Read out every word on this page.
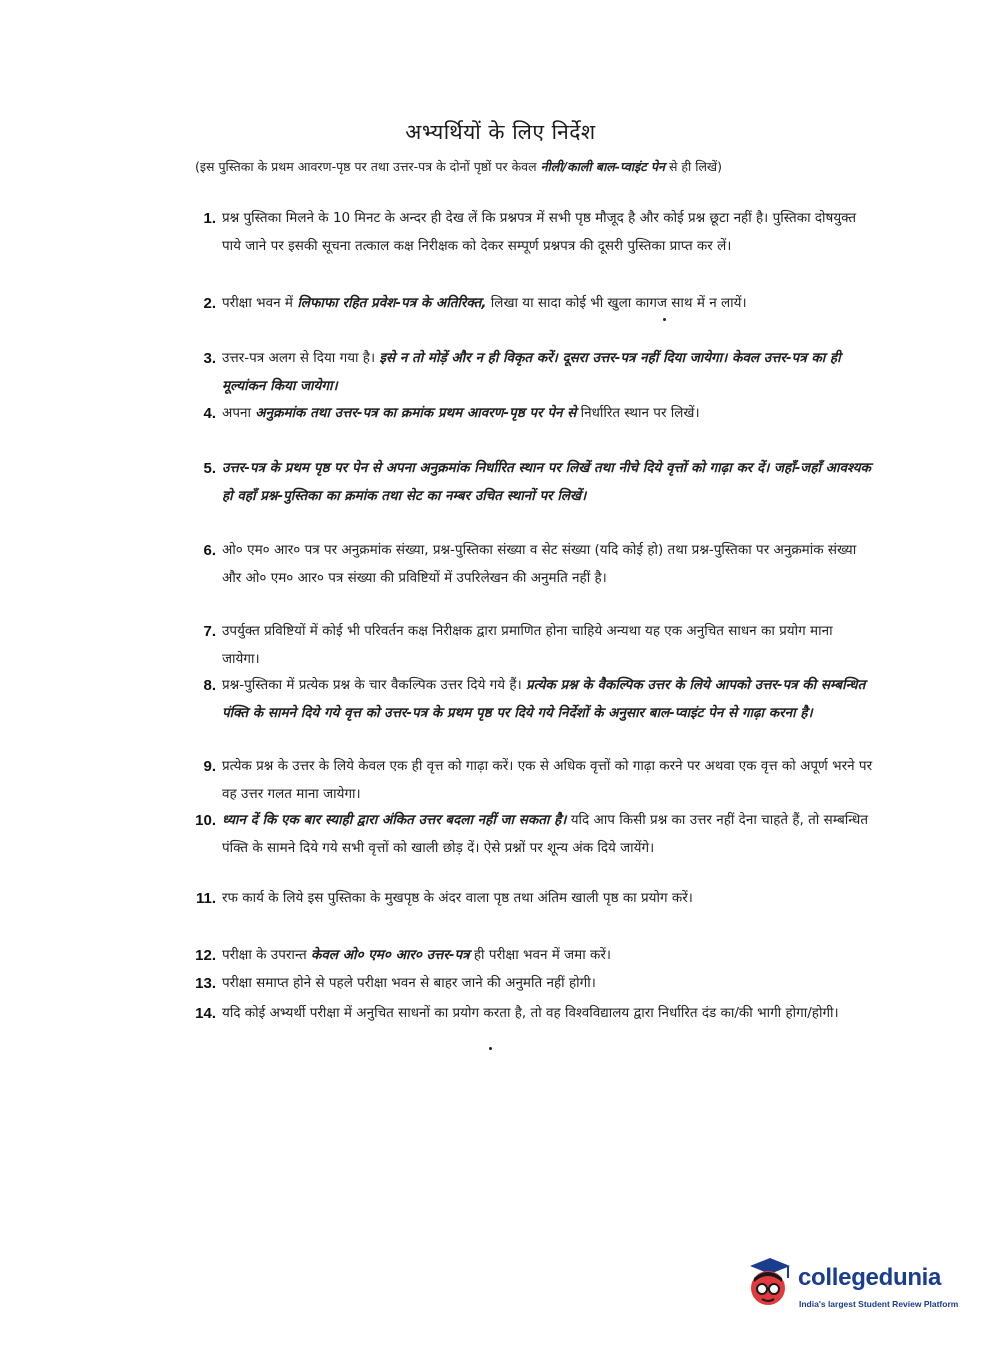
अभ्यर्थियों के लिए निर्देश
(इस पुस्तिका के प्रथम आवरण-पृष्ठ पर तथा उत्तर-पत्र के दोनों पृष्ठों पर केवल नीली/काली बाल-प्वाइंट पेन से ही लिखें)
1. प्रश्न पुस्तिका मिलने के 10 मिनट के अन्दर ही देख लें कि प्रश्नपत्र में सभी पृष्ठ मौजूद है और कोई प्रश्न छूटा नहीं है। पुस्तिका दोषयुक्त पाये जाने पर इसकी सूचना तत्काल कक्ष निरीक्षक को देकर सम्पूर्ण प्रश्नपत्र की दूसरी पुस्तिका प्राप्त कर लें।
2. परीक्षा भवन में लिफाफा रहित प्रवेश-पत्र के अतिरिक्त, लिखा या सादा कोई भी खुला कागज साथ में न लायें।
3. उत्तर-पत्र अलग से दिया गया है। इसे न तो मोड़ें और न ही विकृत करें। दूसरा उत्तर-पत्र नहीं दिया जायेगा। केवल उत्तर-पत्र का ही मूल्यांकन किया जायेगा।
4. अपना अनुक्रमांक तथा उत्तर-पत्र का क्रमांक प्रथम आवरण-पृष्ठ पर पेन से निर्धारित स्थान पर लिखें।
5. उत्तर-पत्र के प्रथम पृष्ठ पर पेन से अपना अनुक्रमांक निर्धारित स्थान पर लिखें तथा नीचे दिये वृत्तों को गाढ़ा कर दें। जहाँ-जहाँ आवश्यक हो वहाँ प्रश्न-पुस्तिका का क्रमांक तथा सेट का नम्बर उचित स्थानों पर लिखें।
6. ओ० एम० आर० पत्र पर अनुक्रमांक संख्या, प्रश्न-पुस्तिका संख्या व सेट संख्या (यदि कोई हो) तथा प्रश्न-पुस्तिका पर अनुक्रमांक संख्या और ओ० एम० आर० पत्र संख्या की प्रविष्टियों में उपरिलेखन की अनुमति नहीं है।
7. उपर्युक्त प्रविष्टियों में कोई भी परिवर्तन कक्ष निरीक्षक द्वारा प्रमाणित होना चाहिये अन्यथा यह एक अनुचित साधन का प्रयोग माना जायेगा।
8. प्रश्न-पुस्तिका में प्रत्येक प्रश्न के चार वैकल्पिक उत्तर दिये गये हैं। प्रत्येक प्रश्न के वैकल्पिक उत्तर के लिये आपको उत्तर-पत्र की सम्बन्धित पंक्ति के सामने दिये गये वृत्त को उत्तर-पत्र के प्रथम पृष्ठ पर दिये गये निर्देशों के अनुसार बाल-प्वाइंट पेन से गाढ़ा करना है।
9. प्रत्येक प्रश्न के उत्तर के लिये केवल एक ही वृत्त को गाढ़ा करें। एक से अधिक वृत्तों को गाढ़ा करने पर अथवा एक वृत्त को अपूर्ण भरने पर वह उत्तर गलत माना जायेगा।
10. ध्यान दें कि एक बार स्याही द्वारा अंकित उत्तर बदला नहीं जा सकता है। यदि आप किसी प्रश्न का उत्तर नहीं देना चाहते हैं, तो सम्बन्धित पंक्ति के सामने दिये गये सभी वृत्तों को खाली छोड़ दें। ऐसे प्रश्नों पर शून्य अंक दिये जायेंगे।
11. रफ कार्य के लिये इस पुस्तिका के मुखपृष्ठ के अंदर वाला पृष्ठ तथा अंतिम खाली पृष्ठ का प्रयोग करें।
12. परीक्षा के उपरान्त केवल ओ० एम० आर० उत्तर-पत्र ही परीक्षा भवन में जमा करें।
13. परीक्षा समाप्त होने से पहले परीक्षा भवन से बाहर जाने की अनुमति नहीं होगी।
14. यदि कोई अभ्यर्थी परीक्षा में अनुचित साधनों का प्रयोग करता है, तो वह विश्वविद्यालय द्वारा निर्धारित दंड का/की भागी होगा/होगी।
collegedunia
India's largest Student Review Platform
